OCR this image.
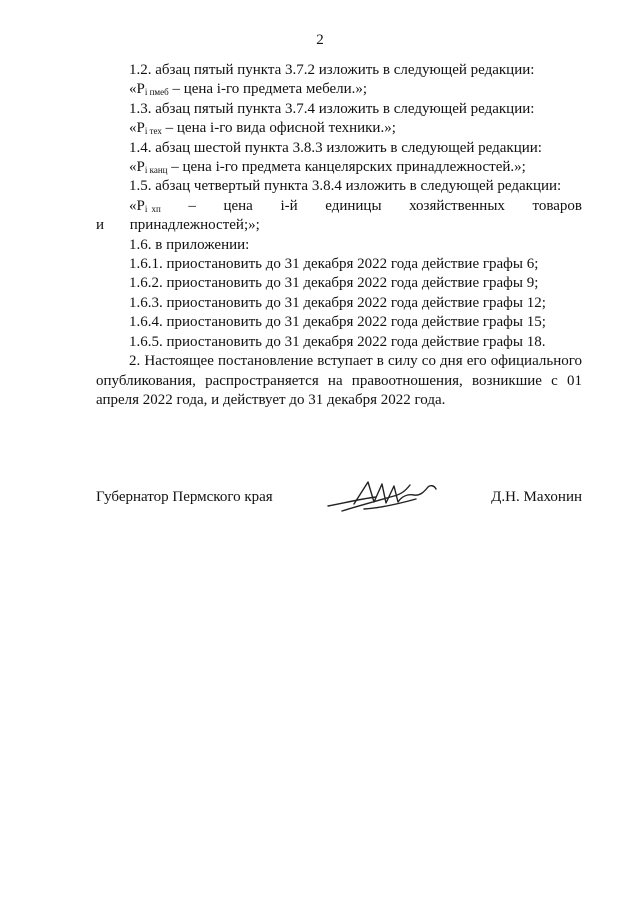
2

1.2. абзац пятый пункта 3.7.2 изложить в следующей редакции:

«$P_{i пмеб}$ – цена i-го предмета мебели.»;

1.3. абзац пятый пункта 3.7.4 изложить в следующей редакции:

«$P_{i тех}$ – цена i-го вида офисной техники.»;

1.4. абзац шестой пункта 3.8.3 изложить в следующей редакции:

«$P_{i канц}$ – цена i-го предмета канцелярских принадлежностей.»;

1.5. абзац четвертый пункта 3.8.4 изложить в следующей редакции:

«$P_{i хп}$ – цена i-й единицы хозяйственных товаров и принадлежностей;»;

1.6. в приложении:

1.6.1. приостановить до 31 декабря 2022 года действие графы 6;

1.6.2. приостановить до 31 декабря 2022 года действие графы 9;

1.6.3. приостановить до 31 декабря 2022 года действие графы 12;

1.6.4. приостановить до 31 декабря 2022 года действие графы 15;

1.6.5. приостановить до 31 декабря 2022 года действие графы 18.

2. Настоящее постановление вступает в силу со дня его официального опубликования, распространяется на правоотношения, возникшие с 01 апреля 2022 года, и действует до 31 декабря 2022 года.

Губернатор Пермского края	Д.Н. Махонин
